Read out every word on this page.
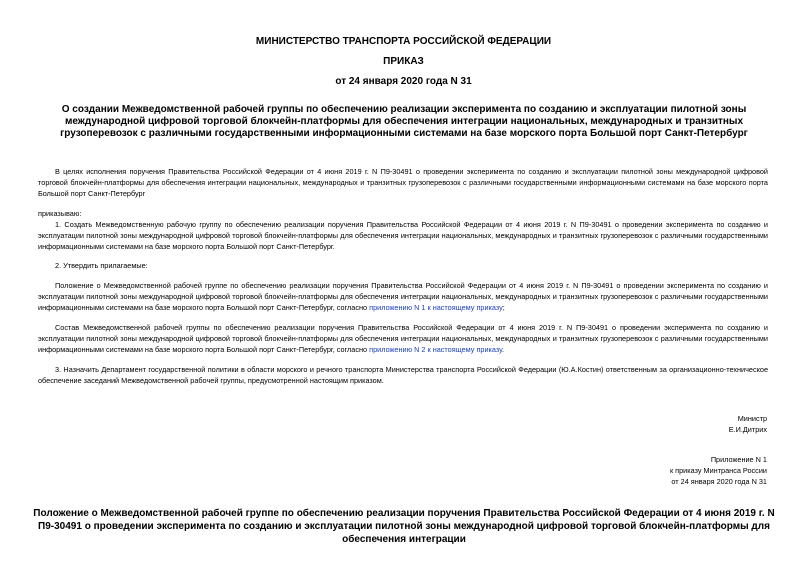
МИНИСТЕРСТВО ТРАНСПОРТА РОССИЙСКОЙ ФЕДЕРАЦИИ
ПРИКАЗ
от 24 января 2020 года N 31
О создании Межведомственной рабочей группы по обеспечению реализации эксперимента по созданию и эксплуатации пилотной зоны международной цифровой торговой блокчейн-платформы для обеспечения интеграции национальных, международных и транзитных грузоперевозок с различными государственными информационными системами на базе морского порта Большой порт Санкт-Петербург
В целях исполнения поручения Правительства Российской Федерации от 4 июня 2019 г. N П9-30491 о проведении эксперимента по созданию и эксплуатации пилотной зоны международной цифровой торговой блокчейн-платформы для обеспечения интеграции национальных, международных и транзитных грузоперевозок с различными государственными информационными системами на базе морского порта Большой порт Санкт-Петербург
приказываю:
1. Создать Межведомственную рабочую группу по обеспечению реализации поручения Правительства Российской Федерации от 4 июня 2019 г. N П9-30491 о проведении эксперимента по созданию и эксплуатации пилотной зоны международной цифровой торговой блокчейн-платформы для обеспечения интеграции национальных, международных и транзитных грузоперевозок с различными государственными информационными системами на базе морского порта Большой порт Санкт-Петербург.
2. Утвердить прилагаемые:
Положение о Межведомственной рабочей группе по обеспечению реализации поручения Правительства Российской Федерации от 4 июня 2019 г. N П9-30491 о проведении эксперимента по созданию и эксплуатации пилотной зоны международной цифровой торговой блокчейн-платформы для обеспечения интеграции национальных, международных и транзитных грузоперевозок с различными государственными информационными системами на базе морского порта Большой порт Санкт-Петербург, согласно приложению N 1 к настоящему приказу;
Состав Межведомственной рабочей группы по обеспечению реализации поручения Правительства Российской Федерации от 4 июня 2019 г. N П9-30491 о проведении эксперимента по созданию и эксплуатации пилотной зоны международной цифровой торговой блокчейн-платформы для обеспечения интеграции национальных, международных и транзитных грузоперевозок с различными государственными информационными системами на базе морского порта Большой порт Санкт-Петербург, согласно приложению N 2 к настоящему приказу.
3. Назначить Департамент государственной политики в области морского и речного транспорта Министерства транспорта Российской Федерации (Ю.А.Костин) ответственным за организационно-техническое обеспечение заседаний Межведомственной рабочей группы, предусмотренной настоящим приказом.
Министр
Е.И.Дитрих
Приложение N 1
к приказу Минтранса России
от 24 января 2020 года N 31
Положение о Межведомственной рабочей группе по обеспечению реализации поручения Правительства Российской Федерации от 4 июня 2019 г. N П9-30491 о проведении эксперимента по созданию и эксплуатации пилотной зоны международной цифровой торговой блокчейн-платформы для обеспечения интеграции
